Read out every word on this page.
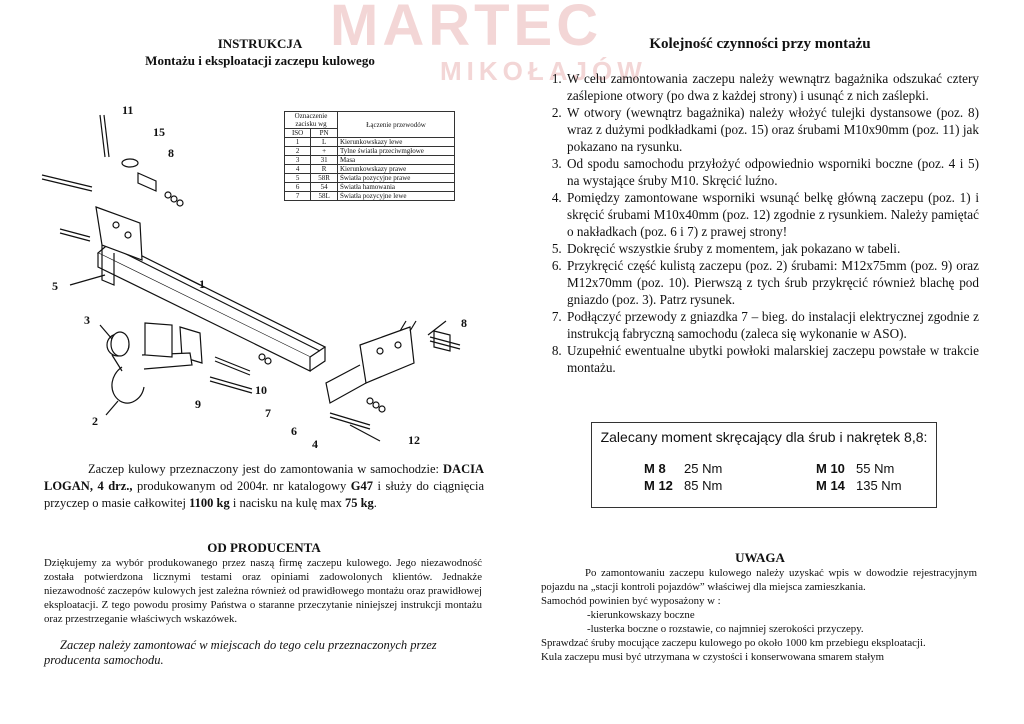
MARTEC
MIKOŁAJÓW
INSTRUKCJA
Montażu i eksploatacji zaczepu kulowego
Oznaczenie zacisku wg		Łączenie przewodów
ISO	PN	
1	L	Kierunkowskazy lewe
2	+	Tylne światła przeciwmgłowe
3	31	Masa
4	R	Kierunkowskazy prawe
5	58R	Światła pozycyjne prawe
6	54	Światła hamowania
7	58L	Światła pozycyjne lewe
11
15
8
5	1
3	8
10
9
7
2
6
4	12
Zaczep kulowy przeznaczony jest do zamontowania w samochodzie: DACIA LOGAN, 4 drz., produkowanym od 2004r. nr katalogowy G47 i służy do ciągnięcia przyczep o masie całkowitej 1100 kg i nacisku na kulę max 75 kg.
OD PRODUCENTA
Dziękujemy za wybór produkowanego przez naszą firmę zaczepu kulowego. Jego niezawodność została potwierdzona licznymi testami oraz opiniami zadowolonych klientów. Jednakże niezawodność zaczepów kulowych jest zależna również od prawidłowego montażu oraz prawidłowej eksploatacji. Z tego powodu prosimy Państwa o staranne przeczytanie niniejszej instrukcji montażu oraz przestrzeganie właściwych wskazówek.
Zaczep należy zamontować w miejscach do tego celu przeznaczonych przez producenta samochodu.
Kolejność czynności przy montażu
1. W celu zamontowania zaczepu należy wewnątrz bagażnika odszukać cztery zaślepione otwory (po dwa z każdej strony) i usunąć z nich zaślepki.
2. W otwory (wewnątrz bagażnika) należy włożyć tulejki dystansowe (poz. 8) wraz z dużymi podkładkami (poz. 15) oraz śrubami M10x90mm (poz. 11) jak pokazano na rysunku.
3. Od spodu samochodu przyłożyć odpowiednio wsporniki boczne (poz. 4 i 5) na wystające śruby M10. Skręcić luźno.
4. Pomiędzy zamontowane wsporniki wsunąć belkę główną zaczepu (poz. 1) i skręcić śrubami M10x40mm (poz. 12) zgodnie z rysunkiem. Należy pamiętać o nakładkach (poz. 6 i 7) z prawej strony!
5. Dokręcić wszystkie śruby z momentem, jak pokazano w tabeli.
6. Przykręcić część kulistą zaczepu (poz. 2) śrubami: M12x75mm (poz. 9) oraz M12x70mm (poz. 10). Pierwszą z tych śrub przykręcić również blachę pod gniazdo (poz. 3). Patrz rysunek.
7. Podłączyć przewody z gniazdka 7 – bieg. do instalacji elektrycznej zgodnie z instrukcją fabryczną samochodu (zaleca się wykonanie w ASO).
8. Uzupełnić ewentualne ubytki powłoki malarskiej zaczepu powstałe w trakcie montażu.
Zalecany moment skręcający dla śrub i nakrętek 8,8:
M 8 25 Nm
M 12 85 Nm
M 10 55 Nm
M 14 135 Nm
UWAGA
Po zamontowaniu zaczepu kulowego należy uzyskać wpis w dowodzie rejestracyjnym pojazdu na „stacji kontroli pojazdów” właściwej dla miejsca zamieszkania.
Samochód powinien być wyposażony w :
-kierunkowskazy boczne
-lusterka boczne o rozstawie, co najmniej szerokości przyczepy.
Sprawdzać śruby mocujące zaczepu kulowego po około 1000 km przebiegu eksploatacji.
Kula zaczepu musi być utrzymana w czystości i konserwowana smarem stałym
